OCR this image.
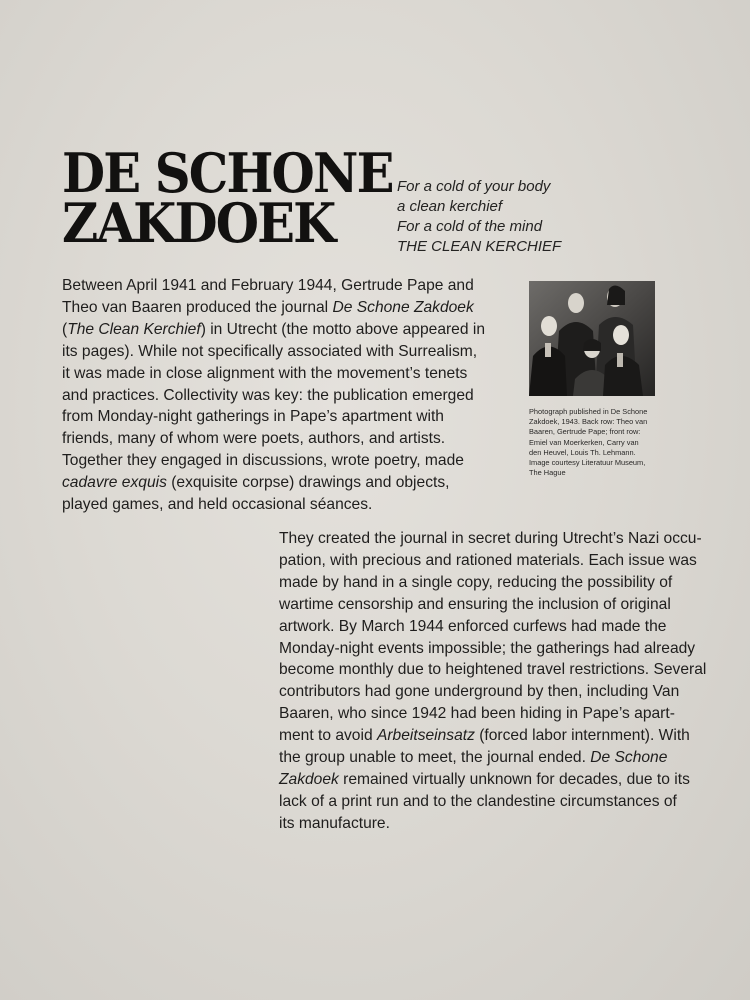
DE SCHONE
ZAKDOEK
For a cold of your body
a clean kerchief
For a cold of the mind
THE CLEAN KERCHIEF
Between April 1941 and February 1944, Gertrude Pape and
Theo van Baaren produced the journal De Schone Zakdoek
(The Clean Kerchief) in Utrecht (the motto above appeared in
its pages). While not specifically associated with Surrealism,
it was made in close alignment with the movement’s tenets
and practices. Collectivity was key: the publication emerged
from Monday-night gatherings in Pape’s apartment with
friends, many of whom were poets, authors, and artists.
Together they engaged in discussions, wrote poetry, made
cadavre exquis (exquisite corpse) drawings and objects,
played games, and held occasional séances.
Photograph published in De Schone
Zakdoek, 1943. Back row: Theo van
Baaren, Gertrude Pape; front row:
Emiel van Moerkerken, Carry van
den Heuvel, Louis Th. Lehmann.
Image courtesy Literatuur Museum,
The Hague
They created the journal in secret during Utrecht’s Nazi occu-
pation, with precious and rationed materials. Each issue was
made by hand in a single copy, reducing the possibility of
wartime censorship and ensuring the inclusion of original
artwork. By March 1944 enforced curfews had made the
Monday-night events impossible; the gatherings had already
become monthly due to heightened travel restrictions. Several
contributors had gone underground by then, including Van
Baaren, who since 1942 had been hiding in Pape’s apart-
ment to avoid Arbeitseinsatz (forced labor internment). With
the group unable to meet, the journal ended. De Schone
Zakdoek remained virtually unknown for decades, due to its
lack of a print run and to the clandestine circumstances of
its manufacture.
